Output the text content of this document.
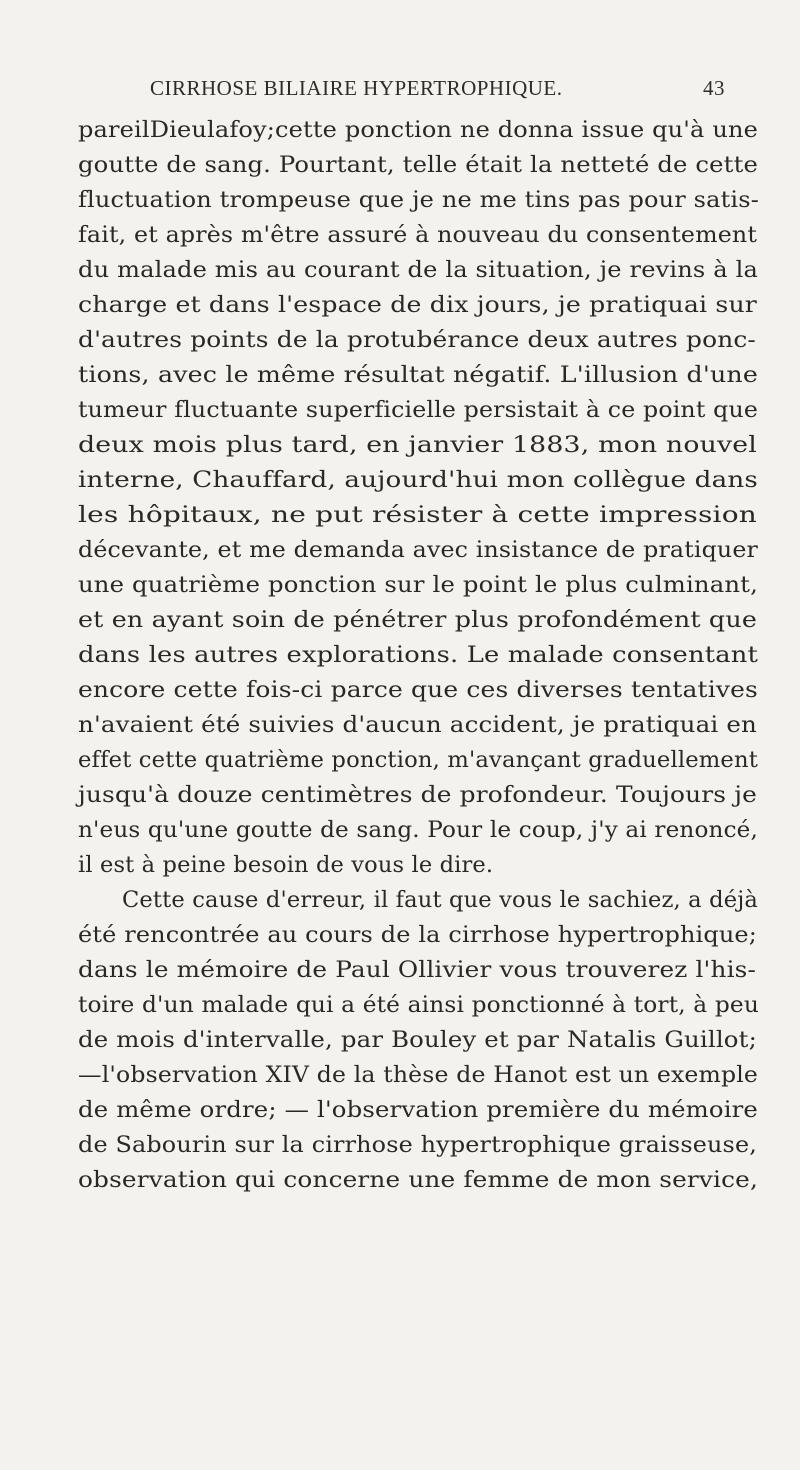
CIRRHOSE BILIAIRE HYPERTROPHIQUE.	43
pareilDieulafoy;cette ponction ne donna issue qu'à une
goutte de sang. Pourtant, telle était la netteté de cette
fluctuation trompeuse que je ne me tins pas pour satis-
fait, et après m'être assuré à nouveau du consentement
du malade mis au courant de la situation, je revins à la
charge et dans l'espace de dix jours, je pratiquai sur
d'autres points de la protubérance deux autres ponc-
tions, avec le même résultat négatif. L'illusion d'une
tumeur fluctuante superficielle persistait à ce point que
deux mois plus tard, en janvier 1883, mon nouvel
interne, Chauffard, aujourd'hui mon collègue dans
les hôpitaux, ne put résister à cette impression
décevante, et me demanda avec insistance de pratiquer
une quatrième ponction sur le point le plus culminant,
et en ayant soin de pénétrer plus profondément que
dans les autres explorations. Le malade consentant
encore cette fois-ci parce que ces diverses tentatives
n'avaient été suivies d'aucun accident, je pratiquai en
effet cette quatrième ponction, m'avançant graduellement
jusqu'à douze centimètres de profondeur. Toujours je
n'eus qu'une goutte de sang. Pour le coup, j'y ai renoncé,
il est à peine besoin de vous le dire.
Cette cause d'erreur, il faut que vous le sachiez, a déjà
été rencontrée au cours de la cirrhose hypertrophique;
dans le mémoire de Paul Ollivier vous trouverez l'his-
toire d'un malade qui a été ainsi ponctionné à tort, à peu
de mois d'intervalle, par Bouley et par Natalis Guillot;
—l'observation XIV de la thèse de Hanot est un exemple
de même ordre; — l'observation première du mémoire
de Sabourin sur la cirrhose hypertrophique graisseuse,
observation qui concerne une femme de mon service,
